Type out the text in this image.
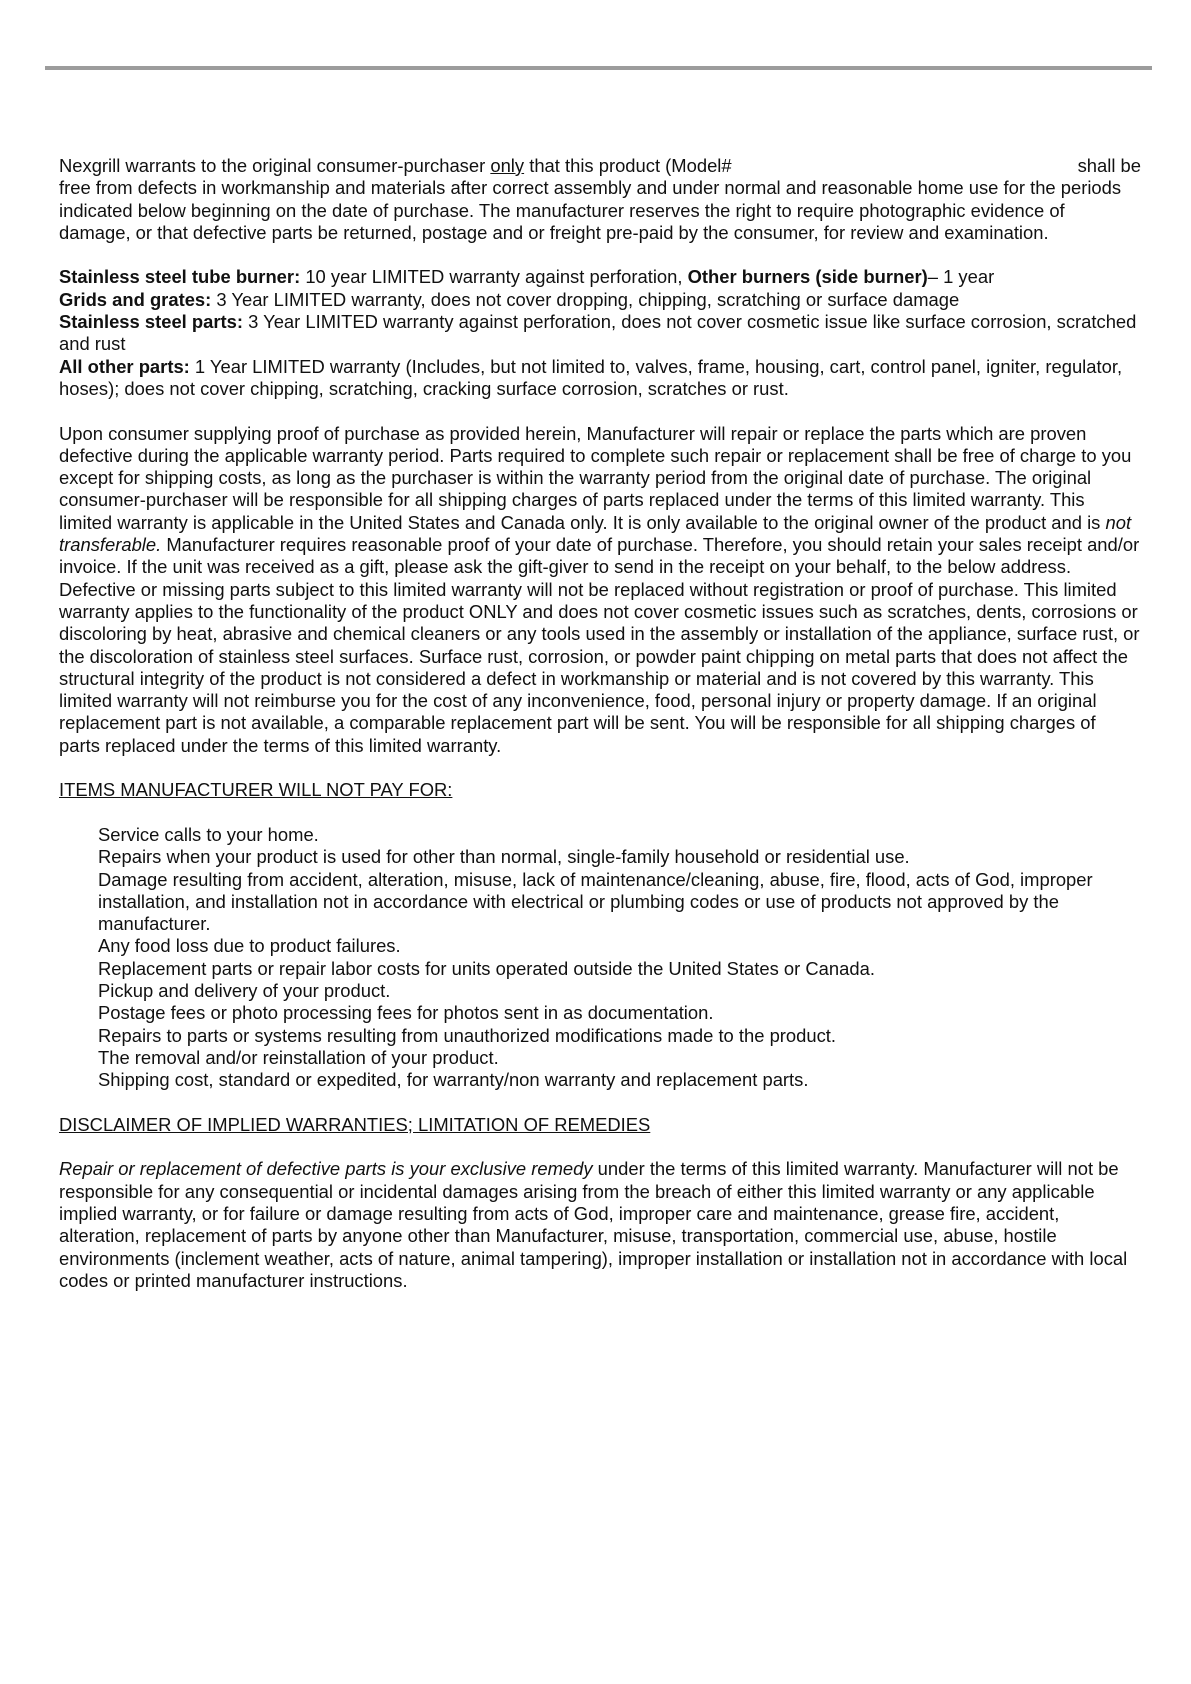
Nexgrill warrants to the original consumer-purchaser only that this product (Model#	shall be
free from defects in workmanship and materials after correct assembly and under normal and reasonable home use for the periods indicated below beginning on the date of purchase. The manufacturer reserves the right to require photographic evidence of damage, or that defective parts be returned, postage and or freight pre-paid by the consumer, for review and examination.
Stainless steel tube burner: 10 year LIMITED warranty against perforation, Other burners (side burner)– 1 year
Grids and grates: 3 Year LIMITED warranty, does not cover dropping, chipping, scratching or surface damage
Stainless steel parts: 3 Year LIMITED warranty against perforation, does not cover cosmetic issue like surface corrosion, scratched and rust
All other parts: 1 Year LIMITED warranty (Includes, but not limited to, valves, frame, housing, cart, control panel, igniter, regulator, hoses); does not cover chipping, scratching, cracking surface corrosion, scratches or rust.
Upon consumer supplying proof of purchase as provided herein, Manufacturer will repair or replace the parts which are proven defective during the applicable warranty period. Parts required to complete such repair or replacement shall be free of charge to you except for shipping costs, as long as the purchaser is within the warranty period from the original date of purchase. The original consumer-purchaser will be responsible for all shipping charges of parts replaced under the terms of this limited warranty. This limited warranty is applicable in the United States and Canada only. It is only available to the original owner of the product and is not transferable. Manufacturer requires reasonable proof of your date of purchase. Therefore, you should retain your sales receipt and/or invoice. If the unit was received as a gift, please ask the gift-giver to send in the receipt on your behalf, to the below address. Defective or missing parts subject to this limited warranty will not be replaced without registration or proof of purchase. This limited warranty applies to the functionality of the product ONLY and does not cover cosmetic issues such as scratches, dents, corrosions or discoloring by heat, abrasive and chemical cleaners or any tools used in the assembly or installation of the appliance, surface rust, or the discoloration of stainless steel surfaces. Surface rust, corrosion, or powder paint chipping on metal parts that does not affect the structural integrity of the product is not considered a defect in workmanship or material and is not covered by this warranty. This limited warranty will not reimburse you for the cost of any inconvenience, food, personal injury or property damage. If an original replacement part is not available, a comparable replacement part will be sent. You will be responsible for all shipping charges of parts replaced under the terms of this limited warranty.
ITEMS MANUFACTURER WILL NOT PAY FOR:
Service calls to your home.
Repairs when your product is used for other than normal, single-family household or residential use.
Damage resulting from accident, alteration, misuse, lack of maintenance/cleaning, abuse, fire, flood, acts of God, improper installation, and installation not in accordance with electrical or plumbing codes or use of products not approved by the manufacturer.
Any food loss due to product failures.
Replacement parts or repair labor costs for units operated outside the United States or Canada.
Pickup and delivery of your product.
Postage fees or photo processing fees for photos sent in as documentation.
Repairs to parts or systems resulting from unauthorized modifications made to the product.
The removal and/or reinstallation of your product.
Shipping cost, standard or expedited, for warranty/non warranty and replacement parts.
DISCLAIMER OF IMPLIED WARRANTIES; LIMITATION OF REMEDIES
Repair or replacement of defective parts is your exclusive remedy under the terms of this limited warranty. Manufacturer will not be responsible for any consequential or incidental damages arising from the breach of either this limited warranty or any applicable implied warranty, or for failure or damage resulting from acts of God, improper care and maintenance, grease fire, accident, alteration, replacement of parts by anyone other than Manufacturer, misuse, transportation, commercial use, abuse, hostile environments (inclement weather, acts of nature, animal tampering), improper installation or installation not in accordance with local codes or printed manufacturer instructions.
